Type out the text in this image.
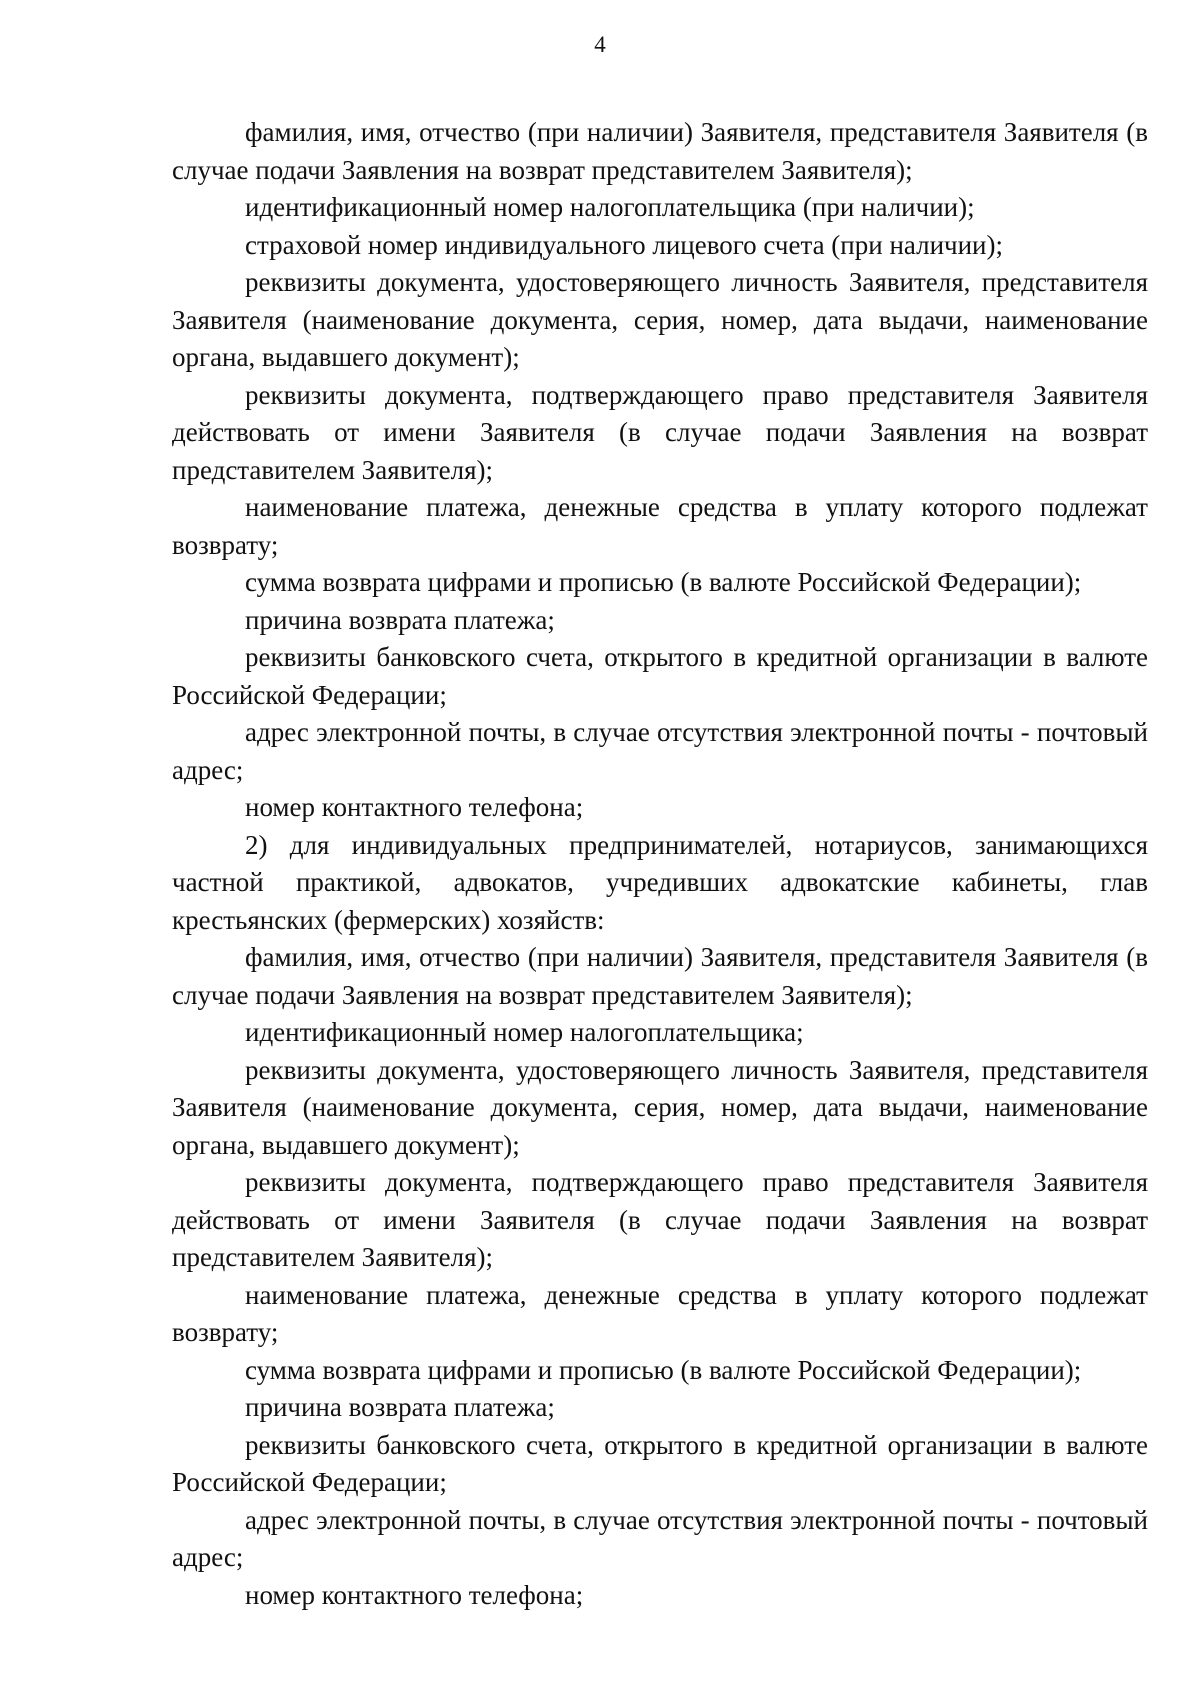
4

фамилия, имя, отчество (при наличии) Заявителя, представителя Заявителя (в случае подачи Заявления на возврат представителем Заявителя);

идентификационный номер налогоплательщика (при наличии);

страховой номер индивидуального лицевого счета (при наличии);

реквизиты документа, удостоверяющего личность Заявителя, представителя Заявителя (наименование документа, серия, номер, дата выдачи, наименование органа, выдавшего документ);

реквизиты документа, подтверждающего право представителя Заявителя действовать от имени Заявителя (в случае подачи Заявления на возврат представителем Заявителя);

наименование платежа, денежные средства в уплату которого подлежат возврату;

сумма возврата цифрами и прописью (в валюте Российской Федерации);

причина возврата платежа;

реквизиты банковского счета, открытого в кредитной организации в валюте Российской Федерации;

адрес электронной почты, в случае отсутствия электронной почты - почтовый адрес;

номер контактного телефона;

2) для индивидуальных предпринимателей, нотариусов, занимающихся частной практикой, адвокатов, учредивших адвокатские кабинеты, глав крестьянских (фермерских) хозяйств:

фамилия, имя, отчество (при наличии) Заявителя, представителя Заявителя (в случае подачи Заявления на возврат представителем Заявителя);

идентификационный номер налогоплательщика;

реквизиты документа, удостоверяющего личность Заявителя, представителя Заявителя (наименование документа, серия, номер, дата выдачи, наименование органа, выдавшего документ);

реквизиты документа, подтверждающего право представителя Заявителя действовать от имени Заявителя (в случае подачи Заявления на возврат представителем Заявителя);

наименование платежа, денежные средства в уплату которого подлежат возврату;

сумма возврата цифрами и прописью (в валюте Российской Федерации);

причина возврата платежа;

реквизиты банковского счета, открытого в кредитной организации в валюте Российской Федерации;

адрес электронной почты, в случае отсутствия электронной почты - почтовый адрес;

номер контактного телефона;
